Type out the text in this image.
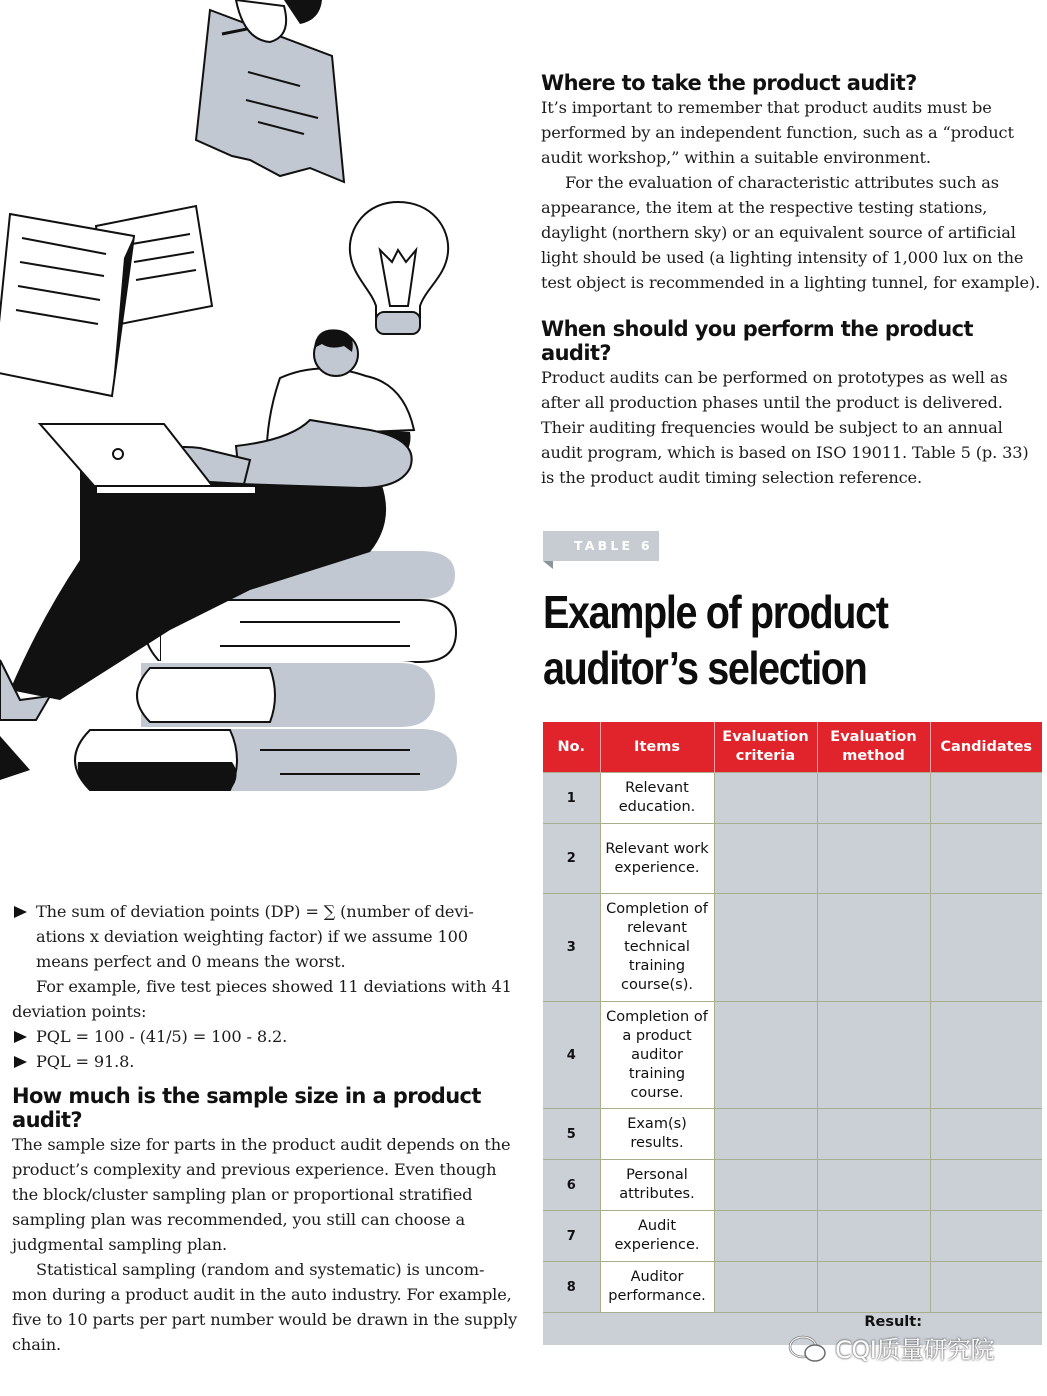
Where to take the product audit?

It’s important to remember that product audits must be performed by an independent function, such as a “product audit workshop,” within a suitable environment.

For the evaluation of characteristic attributes such as appearance, the item at the respective testing stations, daylight (northern sky) or an equivalent source of artificial light should be used (a lighting intensity of 1,000 lux on the test object is recommended in a lighting tunnel, for example).

When should you perform the product audit?

Product audits can be performed on prototypes as well as after all production phases until the product is delivered. Their auditing frequencies would be subject to an annual audit program, which is based on ISO 19011. Table 5 (p. 33) is the product audit timing selection reference.

TABLE 6
Example of product
auditor’s selection
No.	Items	Evaluation criteria	Evaluation method	Candidates
1	Relevant education.			
2	Relevant work experience.			
3	Completion of relevant technical training course(s).			
4	Completion of a product auditor training course.			
5	Exam(s) results.			
6	Personal attributes.			
7	Audit experience.			
8	Auditor performance.			
Result:				

The sum of deviation points (DP) = ∑ (number of devi-
ations x deviation weighting factor) if we assume 100 means perfect and 0 means the worst.

For example, five test pieces showed 11 deviations with 41 deviation points:

PQL = 100 - (41/5) = 100 - 8.2.

PQL = 91.8.

How much is the sample size in a product audit?

The sample size for parts in the product audit depends on the product’s complexity and previous experience. Even though the block/cluster sampling plan or proportional stratified sampling plan was recommended, you still can choose a judgmental sampling plan.

Statistical sampling (random and systematic) is uncom-mon during a product audit in the auto industry. For example, five to 10 parts per part number would be drawn in the supply chain.	CQI质量研究院
